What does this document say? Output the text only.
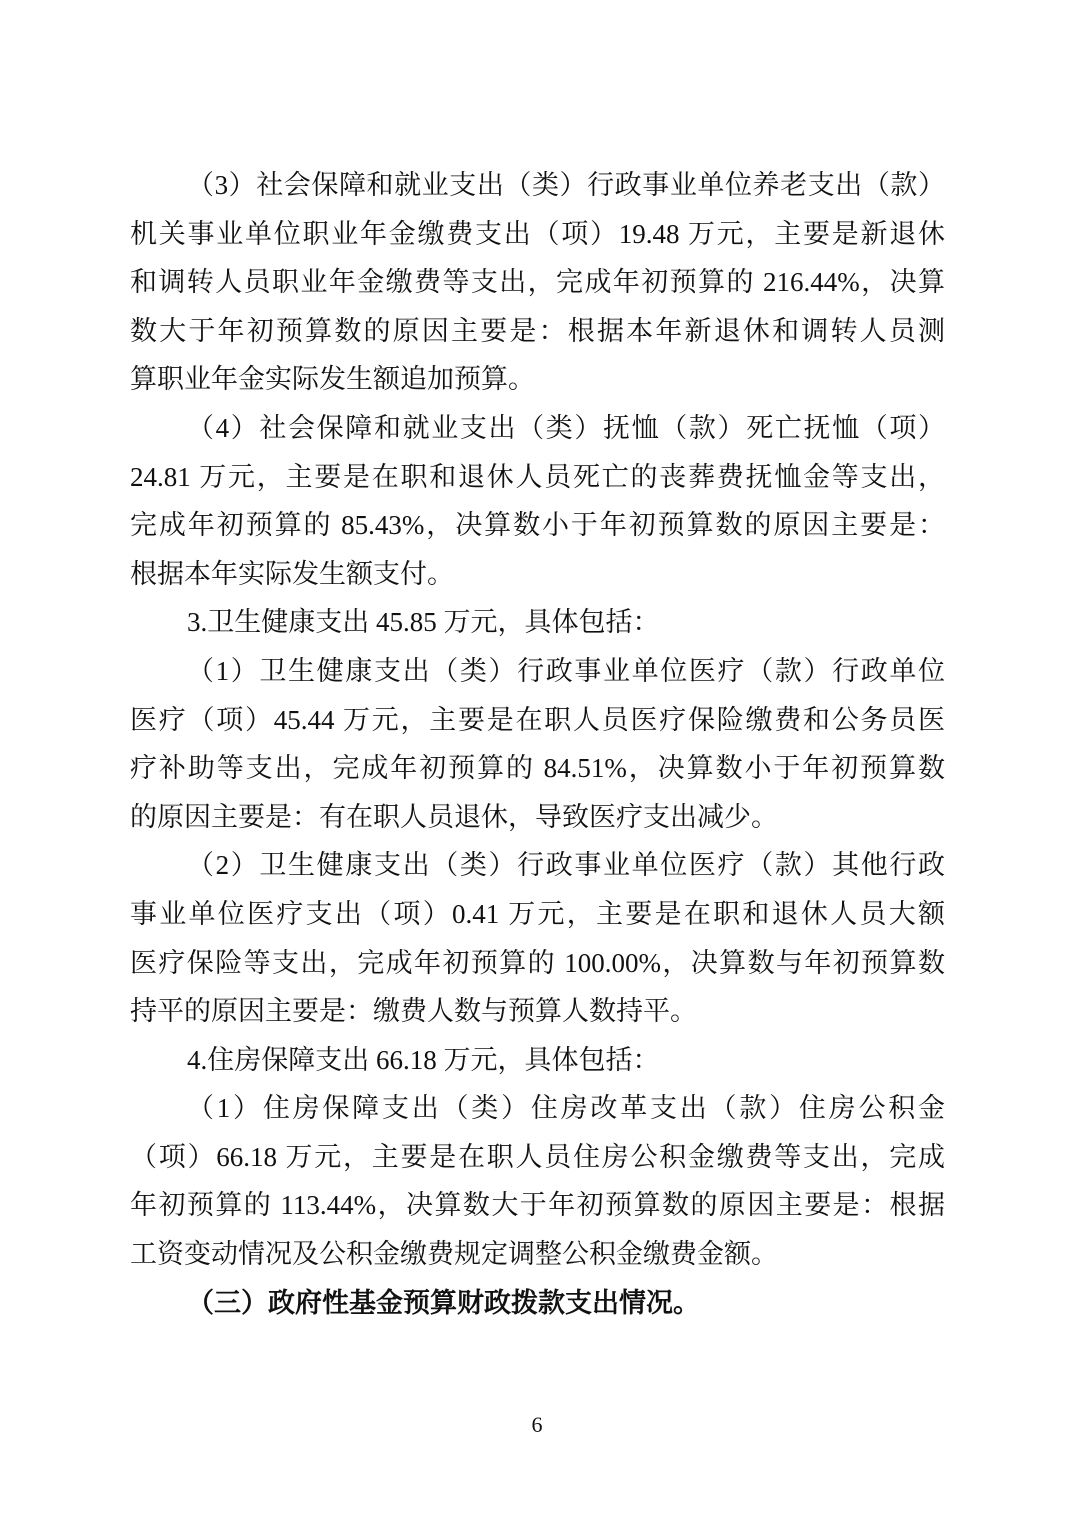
（3）社会保障和就业支出（类）行政事业单位养老支出（款）
机关事业单位职业年金缴费支出（项）19.48 万元，主要是新退休
和调转人员职业年金缴费等支出，完成年初预算的 216.44%，决算
数大于年初预算数的原因主要是：根据本年新退休和调转人员测
算职业年金实际发生额追加预算。
（4）社会保障和就业支出（类）抚恤（款）死亡抚恤（项）
24.81 万元，主要是在职和退休人员死亡的丧葬费抚恤金等支出，
完成年初预算的 85.43%，决算数小于年初预算数的原因主要是：
根据本年实际发生额支付。
3.卫生健康支出 45.85 万元，具体包括：
（1）卫生健康支出（类）行政事业单位医疗（款）行政单位
医疗（项）45.44 万元，主要是在职人员医疗保险缴费和公务员医
疗补助等支出，完成年初预算的 84.51%，决算数小于年初预算数
的原因主要是：有在职人员退休，导致医疗支出减少。
（2）卫生健康支出（类）行政事业单位医疗（款）其他行政
事业单位医疗支出（项）0.41 万元，主要是在职和退休人员大额
医疗保险等支出，完成年初预算的 100.00%，决算数与年初预算数
持平的原因主要是：缴费人数与预算人数持平。
4.住房保障支出 66.18 万元，具体包括：
（1）住房保障支出（类）住房改革支出（款）住房公积金
（项）66.18 万元，主要是在职人员住房公积金缴费等支出，完成
年初预算的 113.44%，决算数大于年初预算数的原因主要是：根据
工资变动情况及公积金缴费规定调整公积金缴费金额。
（三）政府性基金预算财政拨款支出情况。
6
